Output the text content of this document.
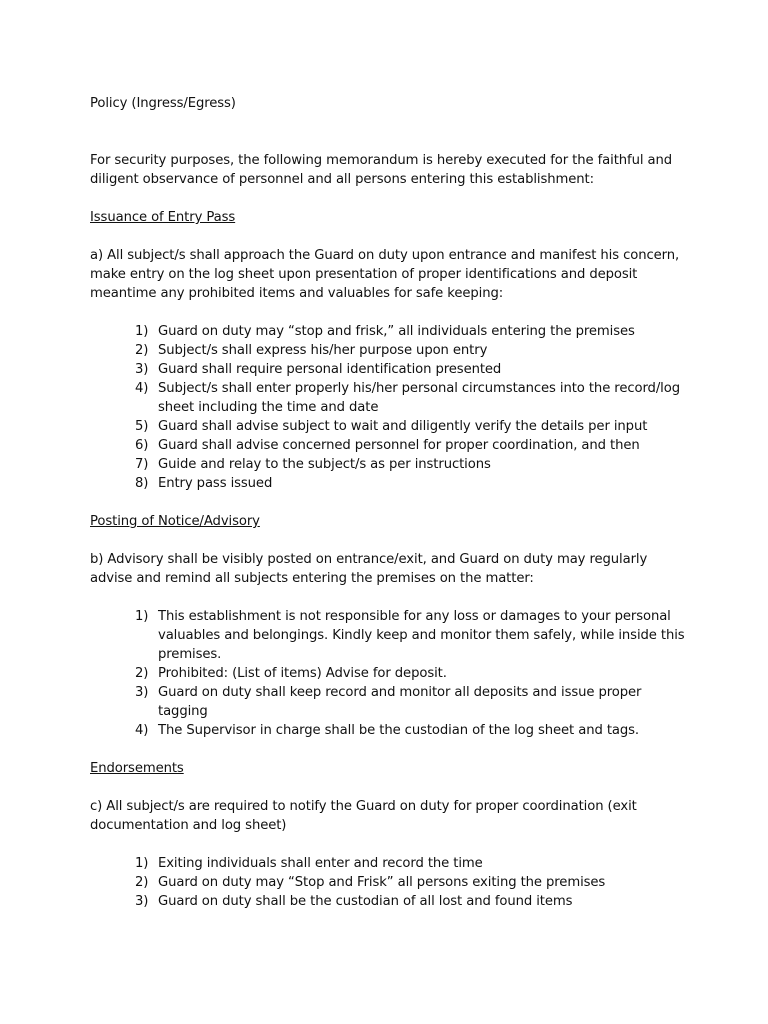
Policy (Ingress/Egress)

For security purposes, the following memorandum is hereby executed for the faithful and diligent observance of personnel and all persons entering this establishment:

Issuance of Entry Pass

a) All subject/s shall approach the Guard on duty upon entrance and manifest his concern, make entry on the log sheet upon presentation of proper identifications and deposit meantime any prohibited items and valuables for safe keeping:

1) Guard on duty may “stop and frisk,” all individuals entering the premises
2) Subject/s shall express his/her purpose upon entry
3) Guard shall require personal identification presented
4) Subject/s shall enter properly his/her personal circumstances into the record/log sheet including the time and date
5) Guard shall advise subject to wait and diligently verify the details per input
6) Guard shall advise concerned personnel for proper coordination, and then
7) Guide and relay to the subject/s as per instructions
8) Entry pass issued

Posting of Notice/Advisory

b) Advisory shall be visibly posted on entrance/exit, and Guard on duty may regularly advise and remind all subjects entering the premises on the matter:

1) This establishment is not responsible for any loss or damages to your personal valuables and belongings. Kindly keep and monitor them safely, while inside this premises.
2) Prohibited: (List of items) Advise for deposit.
3) Guard on duty shall keep record and monitor all deposits and issue proper tagging
4) The Supervisor in charge shall be the custodian of the log sheet and tags.

Endorsements

c) All subject/s are required to notify the Guard on duty for proper coordination (exit documentation and log sheet)

1) Exiting individuals shall enter and record the time
2) Guard on duty may “Stop and Frisk” all persons exiting the premises
3) Guard on duty shall be the custodian of all lost and found items
